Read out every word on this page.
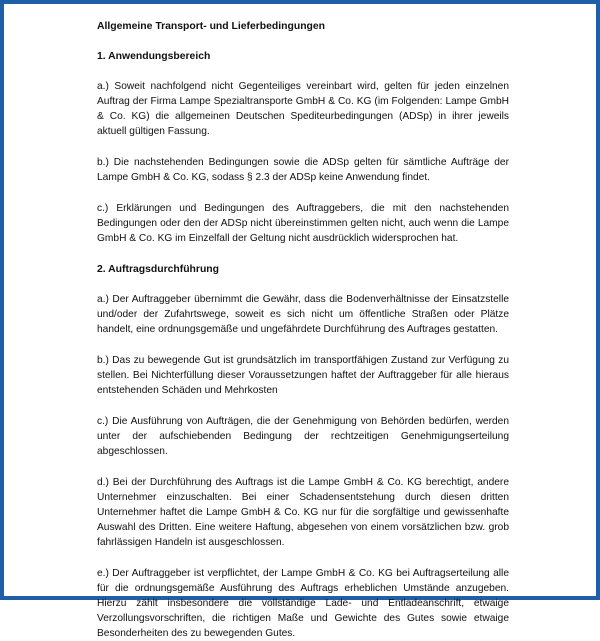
Allgemeine Transport- und Lieferbedingungen
1. Anwendungsbereich

a.) Soweit nachfolgend nicht Gegenteiliges vereinbart wird, gelten für jeden einzelnen Auftrag der Firma Lampe Spezialtransporte GmbH & Co. KG (im Folgenden: Lampe GmbH & Co. KG) die allgemeinen Deutschen Spediteurbedingungen (ADSp) in ihrer jeweils aktuell gültigen Fassung.

b.) Die nachstehenden Bedingungen sowie die ADSp gelten für sämtliche Aufträge der Lampe GmbH & Co. KG, sodass § 2.3 der ADSp keine Anwendung findet.

c.) Erklärungen und Bedingungen des Auftraggebers, die mit den nachstehenden Bedingungen oder den der ADSp nicht übereinstimmen gelten nicht, auch wenn die Lampe GmbH & Co. KG im Einzelfall der Geltung nicht ausdrücklich widersprochen hat.

2. Auftragsdurchführung

a.) Der Auftraggeber übernimmt die Gewähr, dass die Bodenverhältnisse der Einsatzstelle und/oder der Zufahrtswege, soweit es sich nicht um öffentliche Straßen oder Plätze handelt, eine ordnungsgemäße und ungefährdete Durchführung des Auftrages gestatten.

b.) Das zu bewegende Gut ist grundsätzlich im transportfähigen Zustand zur Verfügung zu stellen. Bei Nichterfüllung dieser Voraussetzungen haftet der Auftraggeber für alle hieraus entstehenden Schäden und Mehrkosten

c.) Die Ausführung von Aufträgen, die der Genehmigung von Behörden bedürfen, werden unter der aufschiebenden Bedingung der rechtzeitigen Genehmigungserteilung abgeschlossen.

d.) Bei der Durchführung des Auftrags ist die Lampe GmbH & Co. KG berechtigt, andere Unternehmer einzuschalten. Bei einer Schadensentstehung durch diesen dritten Unternehmer haftet die Lampe GmbH & Co. KG nur für die sorgfältige und gewissenhafte Auswahl des Dritten. Eine weitere Haftung, abgesehen von einem vorsätzlichen bzw. grob fahrlässigen Handeln ist ausgeschlossen.

e.) Der Auftraggeber ist verpflichtet, der Lampe GmbH & Co. KG bei Auftragserteilung alle für die ordnungsgemäße Ausführung des Auftrags erheblichen Umstände anzugeben. Hierzu zählt insbesondere die vollständige Lade- und Entladeanschrift, etwaige Verzollungsvorschriften, die richtigen Maße und Gewichte des Gutes sowie etwaige Besonderheiten des zu bewegenden Gutes.
